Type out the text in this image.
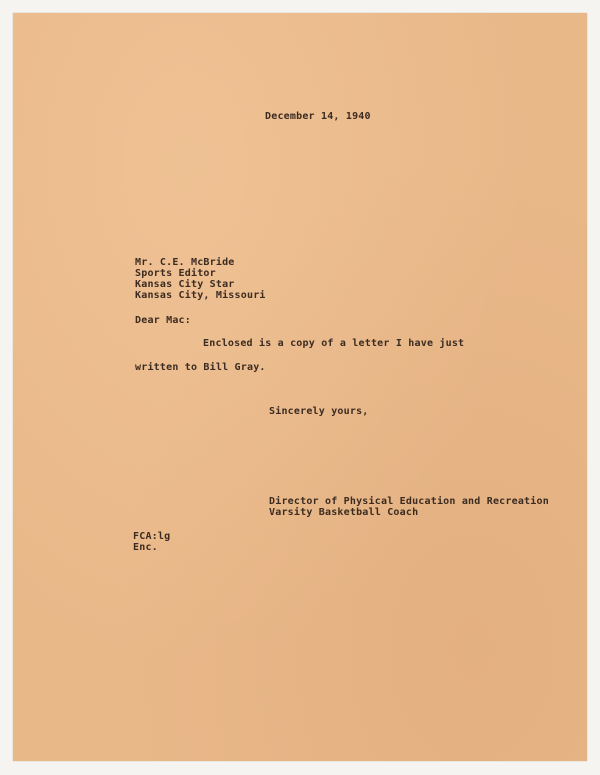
December 14, 1940
Mr. C.E. McBride
Sports Editor
Kansas City Star
Kansas City, Missouri
Dear Mac:
Enclosed is a copy of a letter I have just
written to Bill Gray.
Sincerely yours,
Director of Physical Education and Recreation
Varsity Basketball Coach
FCA:lg
Enc.
